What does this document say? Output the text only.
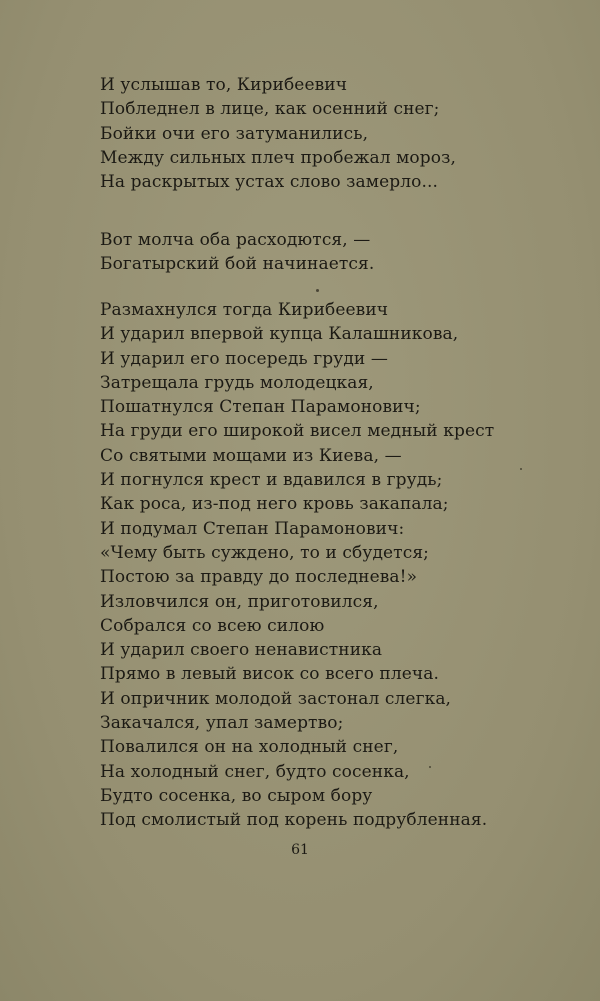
И услышав то, Кирибеевич
Побледнел в лице, как осенний снег;
Бойки очи его затуманились,
Между сильных плеч пробежал мороз,
На раскрытых устах слово замерло...
Вот молча оба расходются, —
Богатырский бой начинается.
Размахнулся тогда Кирибеевич
И ударил впервой купца Калашникова,
И ударил его посередь груди —
Затрещала грудь молодецкая,
Пошатнулся Степан Парамонович;
На груди его широкой висел медный крест
Со святыми мощами из Киева, —
И погнулся крест и вдавился в грудь;
Как роса, из-под него кровь закапала;
И подумал Степан Парамонович:
«Чему быть суждено, то и сбудется;
Постою за правду до последнева!»
Изловчился он, приготовился,
Собрался со всею силою
И ударил своего ненавистника
Прямо в левый висок со всего плеча.
И опричник молодой застонал слегка,
Закачался, упал замертво;
Повалился он на холодный снег,
На холодный снег, будто сосенка,
Будто сосенка, во сыром бору
Под смолистый под корень подрубленная.
61
